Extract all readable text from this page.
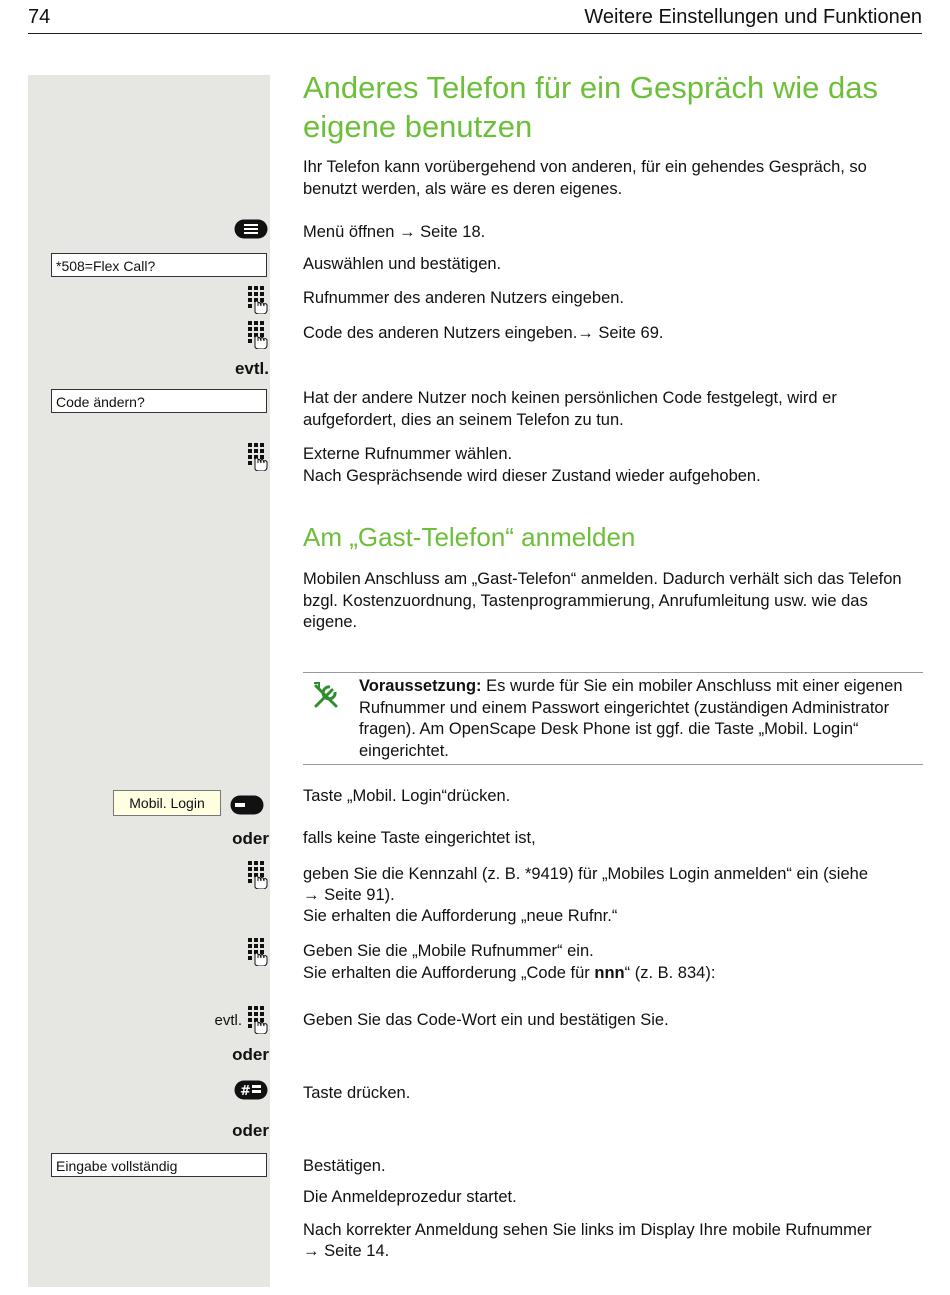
74	Weitere Einstellungen und Funktionen
Anderes Telefon für ein Gespräch wie das eigene benutzen
Ihr Telefon kann vorübergehend von anderen, für ein gehendes Gespräch, so benutzt werden, als wäre es deren eigenes.
Menü öffnen → Seite 18.
*508=Flex Call?	Auswählen und bestätigen.
Rufnummer des anderen Nutzers eingeben.
Code des anderen Nutzers eingeben.→ Seite 69.
evtl.
Code ändern?	Hat der andere Nutzer noch keinen persönlichen Code festgelegt, wird er aufgefordert, dies an seinem Telefon zu tun.
Externe Rufnummer wählen.
Nach Gesprächsende wird dieser Zustand wieder aufgehoben.
Am „Gast-Telefon“ anmelden
Mobilen Anschluss am „Gast-Telefon“ anmelden. Dadurch verhält sich das Telefon bzgl. Kostenzuordnung, Tastenprogrammierung, Anrufumleitung usw. wie das eigene.
Voraussetzung: Es wurde für Sie ein mobiler Anschluss mit einer eigenen Rufnummer und einem Passwort eingerichtet (zuständigen Administrator fragen). Am OpenScape Desk Phone ist ggf. die Taste „Mobil. Login“ eingerichtet.
Mobil. Login	Taste „Mobil. Login“drücken.
oder falls keine Taste eingerichtet ist,
geben Sie die Kennzahl (z. B. *9419) für „Mobiles Login anmelden“ ein (siehe
→ Seite 91).
Sie erhalten die Aufforderung „neue Rufnr.“
Geben Sie die „Mobile Rufnummer“ ein.
Sie erhalten die Aufforderung „Code für nnn“ (z. B. 834):
evtl.	Geben Sie das Code-Wort ein und bestätigen Sie.
oder
#	Taste drücken.
oder
Eingabe vollständig	Bestätigen.
Die Anmeldeprozedur startet.
Nach korrekter Anmeldung sehen Sie links im Display Ihre mobile Rufnummer
→ Seite 14.
